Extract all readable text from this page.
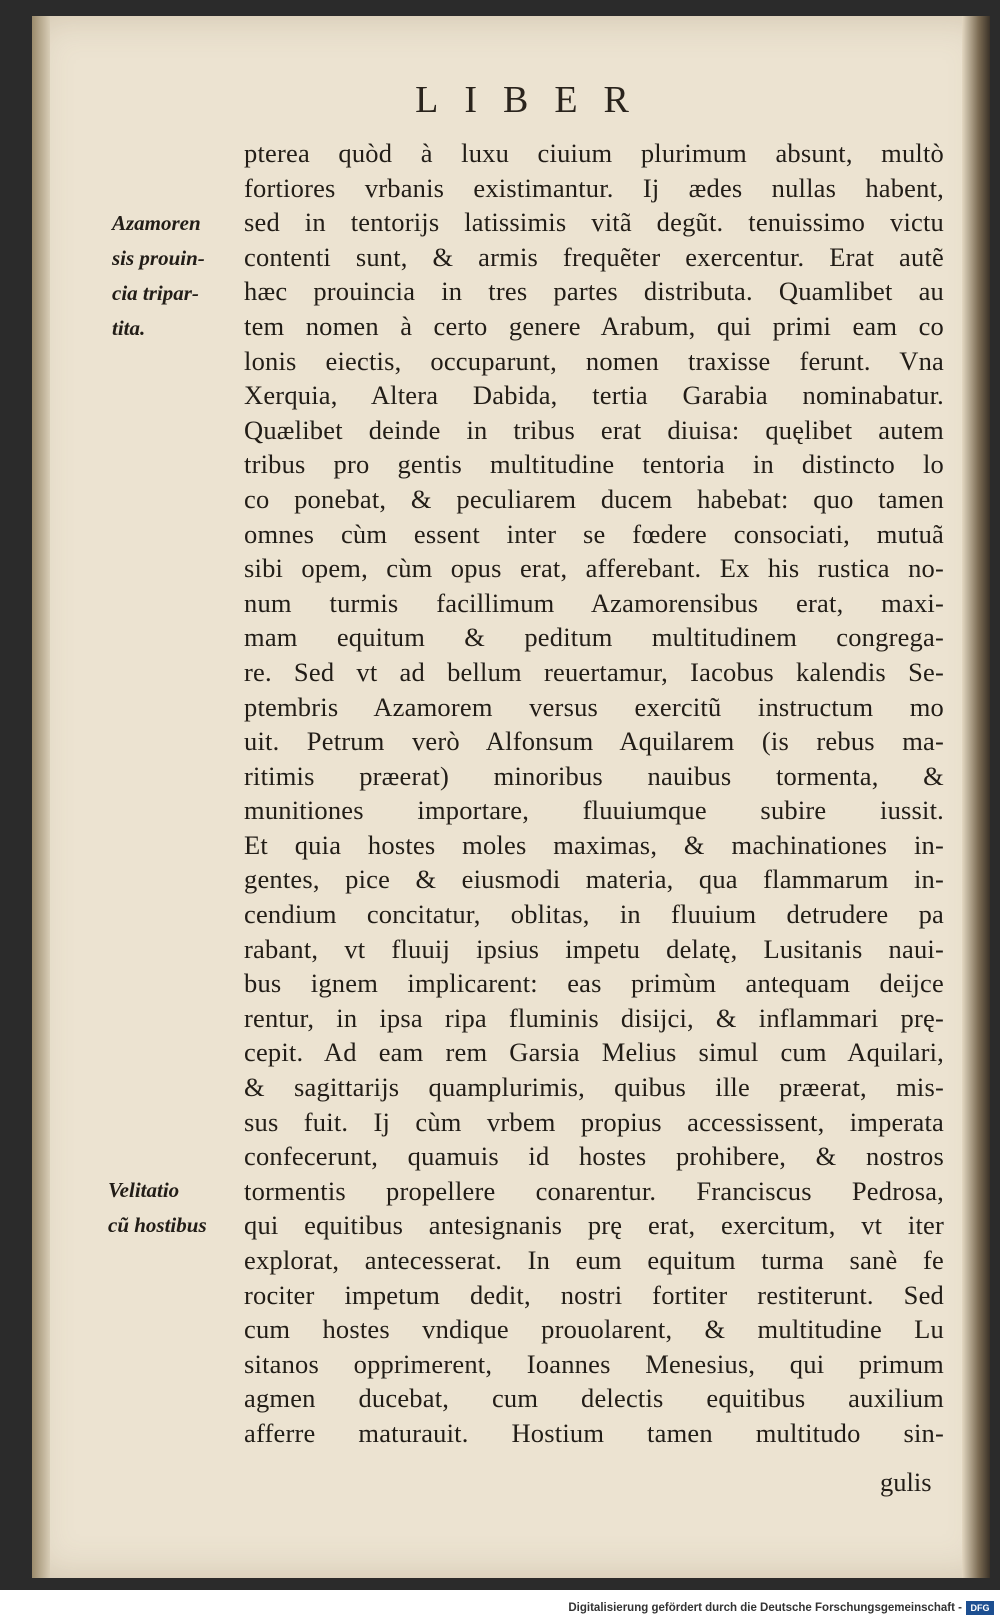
LIBER
Azamoren
sis prouin-
cia tripar-
tita.
Velitatio
cũ hostibus
pterea quòd à luxu ciuium plurimum absunt, multò
fortiores vrbanis existimantur. Ij ædes nullas habent,
sed in tentorijs latissimis vitã degũt. tenuissimo victu
contenti sunt, & armis frequẽter exercentur. Erat autẽ
hæc prouincia in tres partes distributa. Quamlibet au
tem nomen à certo genere Arabum, qui primi eam co
lonis eiectis, occuparunt, nomen traxisse ferunt. Vna
Xerquia, Altera Dabida, tertia Garabia nominabatur.
Quælibet deinde in tribus erat diuisa: quęlibet autem
tribus pro gentis multitudine tentoria in distincto lo
co ponebat, & peculiarem ducem habebat: quo tamen
omnes cùm essent inter se fœdere consociati, mutuã
sibi opem, cùm opus erat, afferebant. Ex his rustica no-
num turmis facillimum Azamorensibus erat, maxi-
mam equitum & peditum multitudinem congrega-
re. Sed vt ad bellum reuertamur, Iacobus kalendis Se-
ptembris Azamorem versus exercitũ instructum mo
uit. Petrum verò Alfonsum Aquilarem (is rebus ma-
ritimis præerat) minoribus nauibus tormenta, &
munitiones importare, fluuiumque subire iussit.
Et quia hostes moles maximas, & machinationes in-
gentes, pice & eiusmodi materia, qua flammarum in-
cendium concitatur, oblitas, in fluuium detrudere pa
rabant, vt fluuij ipsius impetu delatę, Lusitanis naui-
bus ignem implicarent: eas primùm antequam deijce
rentur, in ipsa ripa fluminis disijci, & inflammari prę-
cepit. Ad eam rem Garsia Melius simul cum Aquilari,
& sagittarijs quamplurimis, quibus ille præerat, mis-
sus fuit. Ij cùm vrbem propius accessissent, imperata
confecerunt, quamuis id hostes prohibere, & nostros
tormentis propellere conarentur. Franciscus Pedrosa,
qui equitibus antesignanis prę erat, exercitum, vt iter
explorat, antecesserat. In eum equitum turma sanè fe
rociter impetum dedit, nostri fortiter restiterunt. Sed
cum hostes vndique prouolarent, & multitudine Lu
sitanos opprimerent, Ioannes Menesius, qui primum
agmen ducebat, cum delectis equitibus auxilium
afferre maturauit. Hostium tamen multitudo sin-
gulis
Digitalisierung gefördert durch die Deutsche Forschungsgemeinschaft - DFG
